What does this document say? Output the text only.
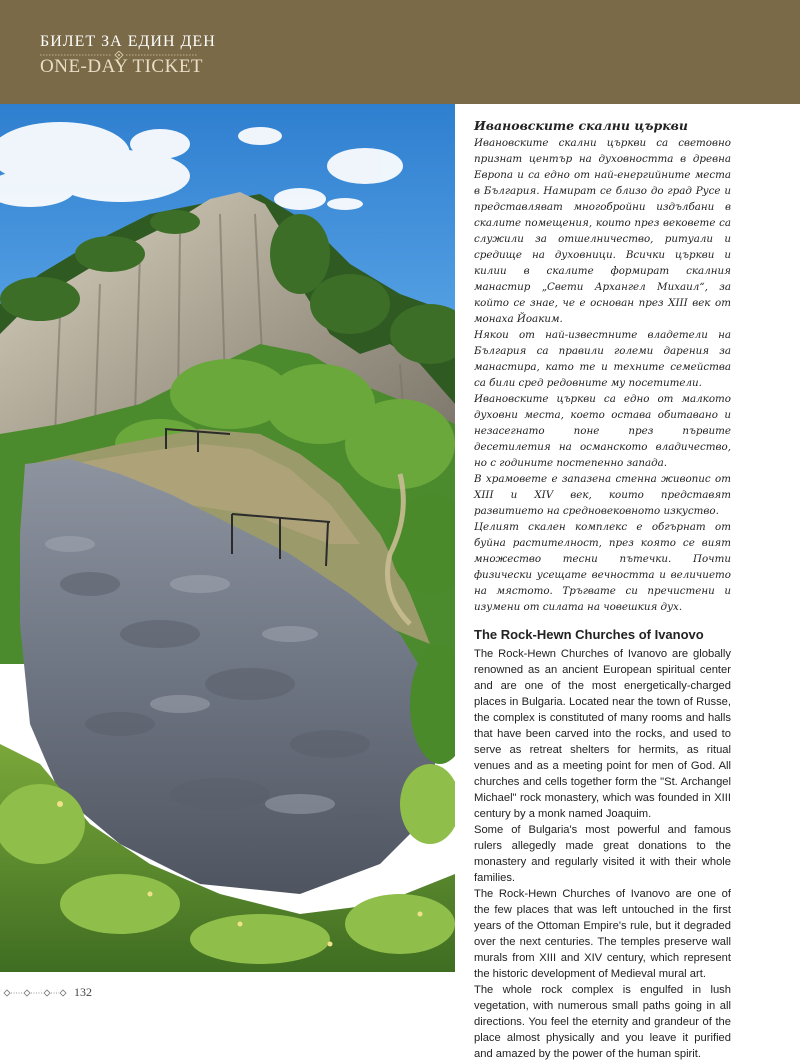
БИЛЕТ ЗА ЕДИН ДЕН
ONE-DAY TICKET
Ивановските скални църкви

Ивановските скални църкви са световно признат център на духовността в древна Европа и са едно от най-енергийните места в България. Намират се близо до град Русе и представляват многобройни издълбани в скалите помещения, които през вековете са служили за отшелничество, ритуали и средище на духовници. Всички църкви и килии в скалите формират скалния манастир „Свети Архангел Михаил“, за който се знае, че е основан през XIII век от монаха Йоаким.

Някои от най-известните владетели на България са правили големи дарения за манастира, като те и техните семейства са били сред редовните му посетители.

Ивановските църкви са едно от малкото духовни места, което остава обитавано и незасегнато поне през първите десетилетия на османското владичество, но с годините постепенно запада.

В храмовете е запазена стенна живопис от XIII и XIV век, които представят развитието на средновековното изкуство.

Целият скален комплекс е обгърнат от буйна растителност, през която се вият множество тесни пътечки. Почти физически усещате вечността и величието на мястото. Тръгвате си пречистени и изумени от силата на човешкия дух.

The Rock-Hewn Churches of Ivanovo

The Rock-Hewn Churches of Ivanovo are globally renowned as an ancient European spiritual center and are one of the most energetically-charged places in Bulgaria. Located near the town of Russe, the complex is constituted of many rooms and halls that have been carved into the rocks, and used to serve as retreat shelters for hermits, as ritual venues and as a meeting point for men of God. All churches and cells together form the "St. Archangel Michael" rock monastery, which was founded in XIII century by a monk named Joaquim.

Some of Bulgaria's most powerful and famous rulers allegedly made great donations to the monastery and regularly visited it with their whole families.

The Rock-Hewn Churches of Ivanovo are one of the few places that was left untouched in the first years of the Ottoman Empire's rule, but it degraded over the next centuries. The temples preserve wall murals from XIII and XIV century, which represent the historic development of Medieval mural art.

The whole rock complex is engulfed in lush vegetation, with numerous small paths going in all directions. You feel the eternity and grandeur of the place almost physically and you leave it purified and amazed by the power of the human spirit.

132
